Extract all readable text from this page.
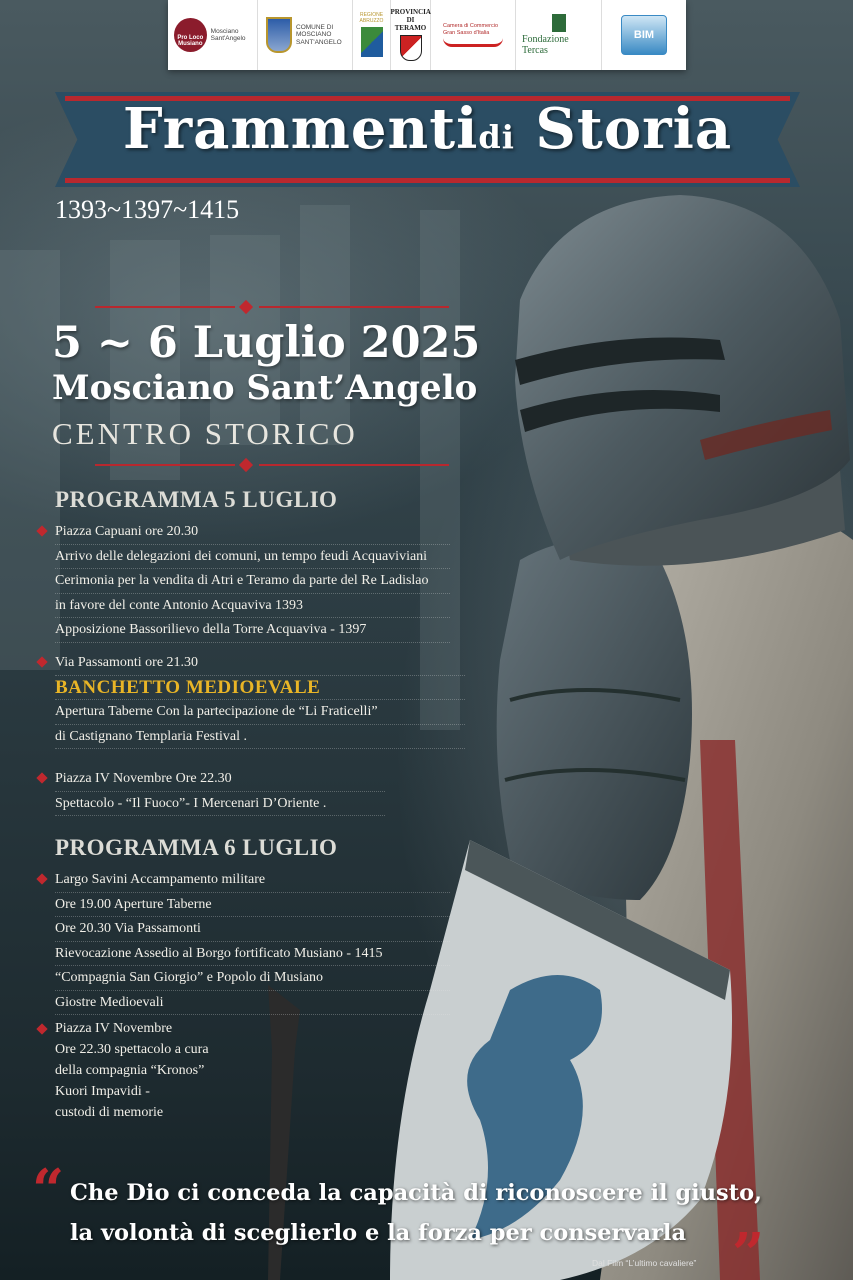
Pro Loco Musiano
Mosciano Sant'Angelo
COMUNE DI MOSCIANO SANT'ANGELO
REGIONE ABRUZZO
PROVINCIA DI TERAMO	Camera di Commercio Gran Sasso d'Italia
Fondazione Tercas
BIM
Frammentidi Storia
1393~1397~1415
5 ~ 6 Luglio 2025
Mosciano Sant’Angelo
CENTRO STORICO
PROGRAMMA 5 LUGLIO
Piazza Capuani ore 20.30
Arrivo delle delegazioni dei comuni, un tempo feudi Acquaviviani
Cerimonia per la vendita di Atri e Teramo da parte del Re Ladislao
in favore del conte Antonio Acquaviva 1393
Apposizione Bassorilievo della Torre Acquaviva - 1397
Via Passamonti ore 21.30
BANCHETTO MEDIOEVALE
Apertura Taberne Con la partecipazione de “Li Fraticelli”
di Castignano Templaria Festival .
Piazza IV Novembre Ore 22.30
Spettacolo - “Il Fuoco”- I Mercenari D’Oriente .
PROGRAMMA 6 LUGLIO
Largo Savini Accampamento militare
Ore 19.00 Aperture Taberne
Ore 20.30 Via Passamonti
Rievocazione Assedio al Borgo fortificato Musiano - 1415
“Compagnia San Giorgio” e Popolo di Musiano
Giostre Medioevali
Piazza IV Novembre
Ore 22.30 spettacolo a cura
della compagnia “Kronos”
Kuori Impavidi -
custodi di memorie
“ Che Dio ci conceda la capacità di riconoscere il giusto,
la volontà di sceglierlo e la forza per conservarla
Dal Film “L’ultimo cavaliere” ”
